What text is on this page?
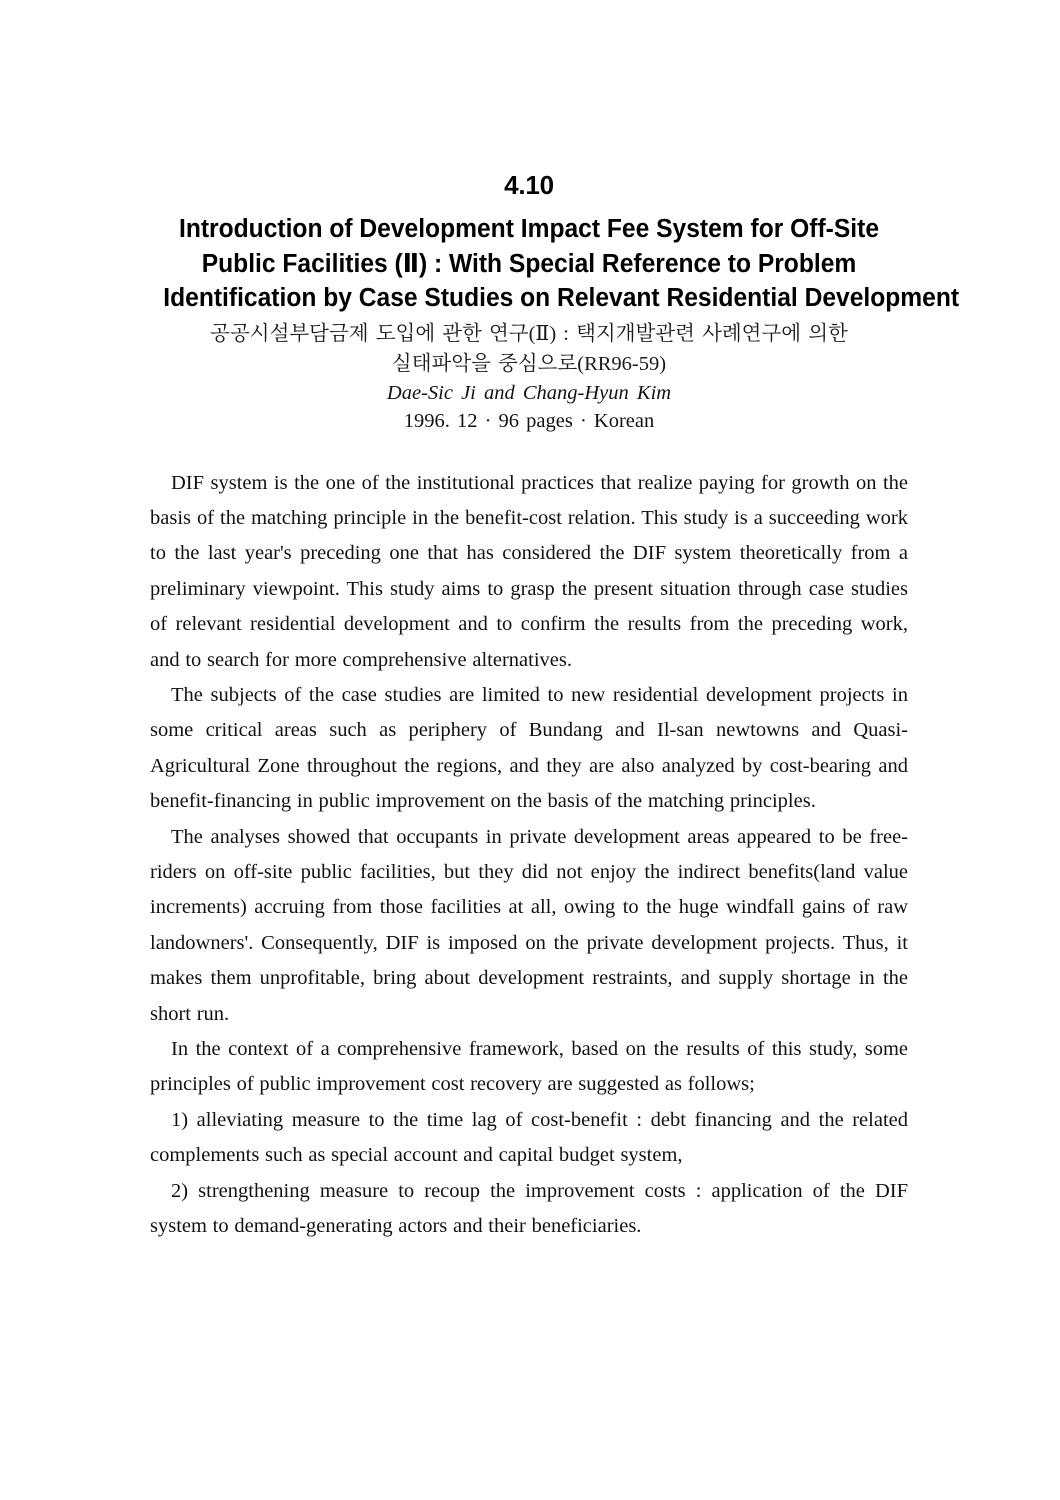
4.10
Introduction of Development Impact Fee System for Off-Site
Public Facilities (Ⅱ) : With Special Reference to Problem
Identification by Case Studies on Relevant Residential Development
공공시설부담금제 도입에 관한 연구(Ⅱ) : 택지개발관련 사례연구에 의한
실태파악을 중심으로(RR96-59)
Dae-Sic Ji and Chang-Hyun Kim
1996. 12 · 96 pages · Korean

DIF system is the one of the institutional practices that realize paying for growth on the basis of the matching principle in the benefit-cost relation. This study is a succeeding work to the last year's preceding one that has considered the DIF system theoretically from a preliminary viewpoint. This study aims to grasp the present situation through case studies of relevant residential development and to confirm the results from the preceding work, and to search for more comprehensive alternatives.

The subjects of the case studies are limited to new residential development projects in some critical areas such as periphery of Bundang and Il-san newtowns and Quasi-Agricultural Zone throughout the regions, and they are also analyzed by cost-bearing and benefit-financing in public improvement on the basis of the matching principles.

The analyses showed that occupants in private development areas appeared to be free-riders on off-site public facilities, but they did not enjoy the indirect benefits(land value increments) accruing from those facilities at all, owing to the huge windfall gains of raw landowners'. Consequently, DIF is imposed on the private development projects. Thus, it makes them unprofitable, bring about development restraints, and supply shortage in the short run.

In the context of a comprehensive framework, based on the results of this study, some principles of public improvement cost recovery are suggested as follows;

1) alleviating measure to the time lag of cost-benefit : debt financing and the related complements such as special account and capital budget system,

2) strengthening measure to recoup the improvement costs : application of the DIF system to demand-generating actors and their beneficiaries.
